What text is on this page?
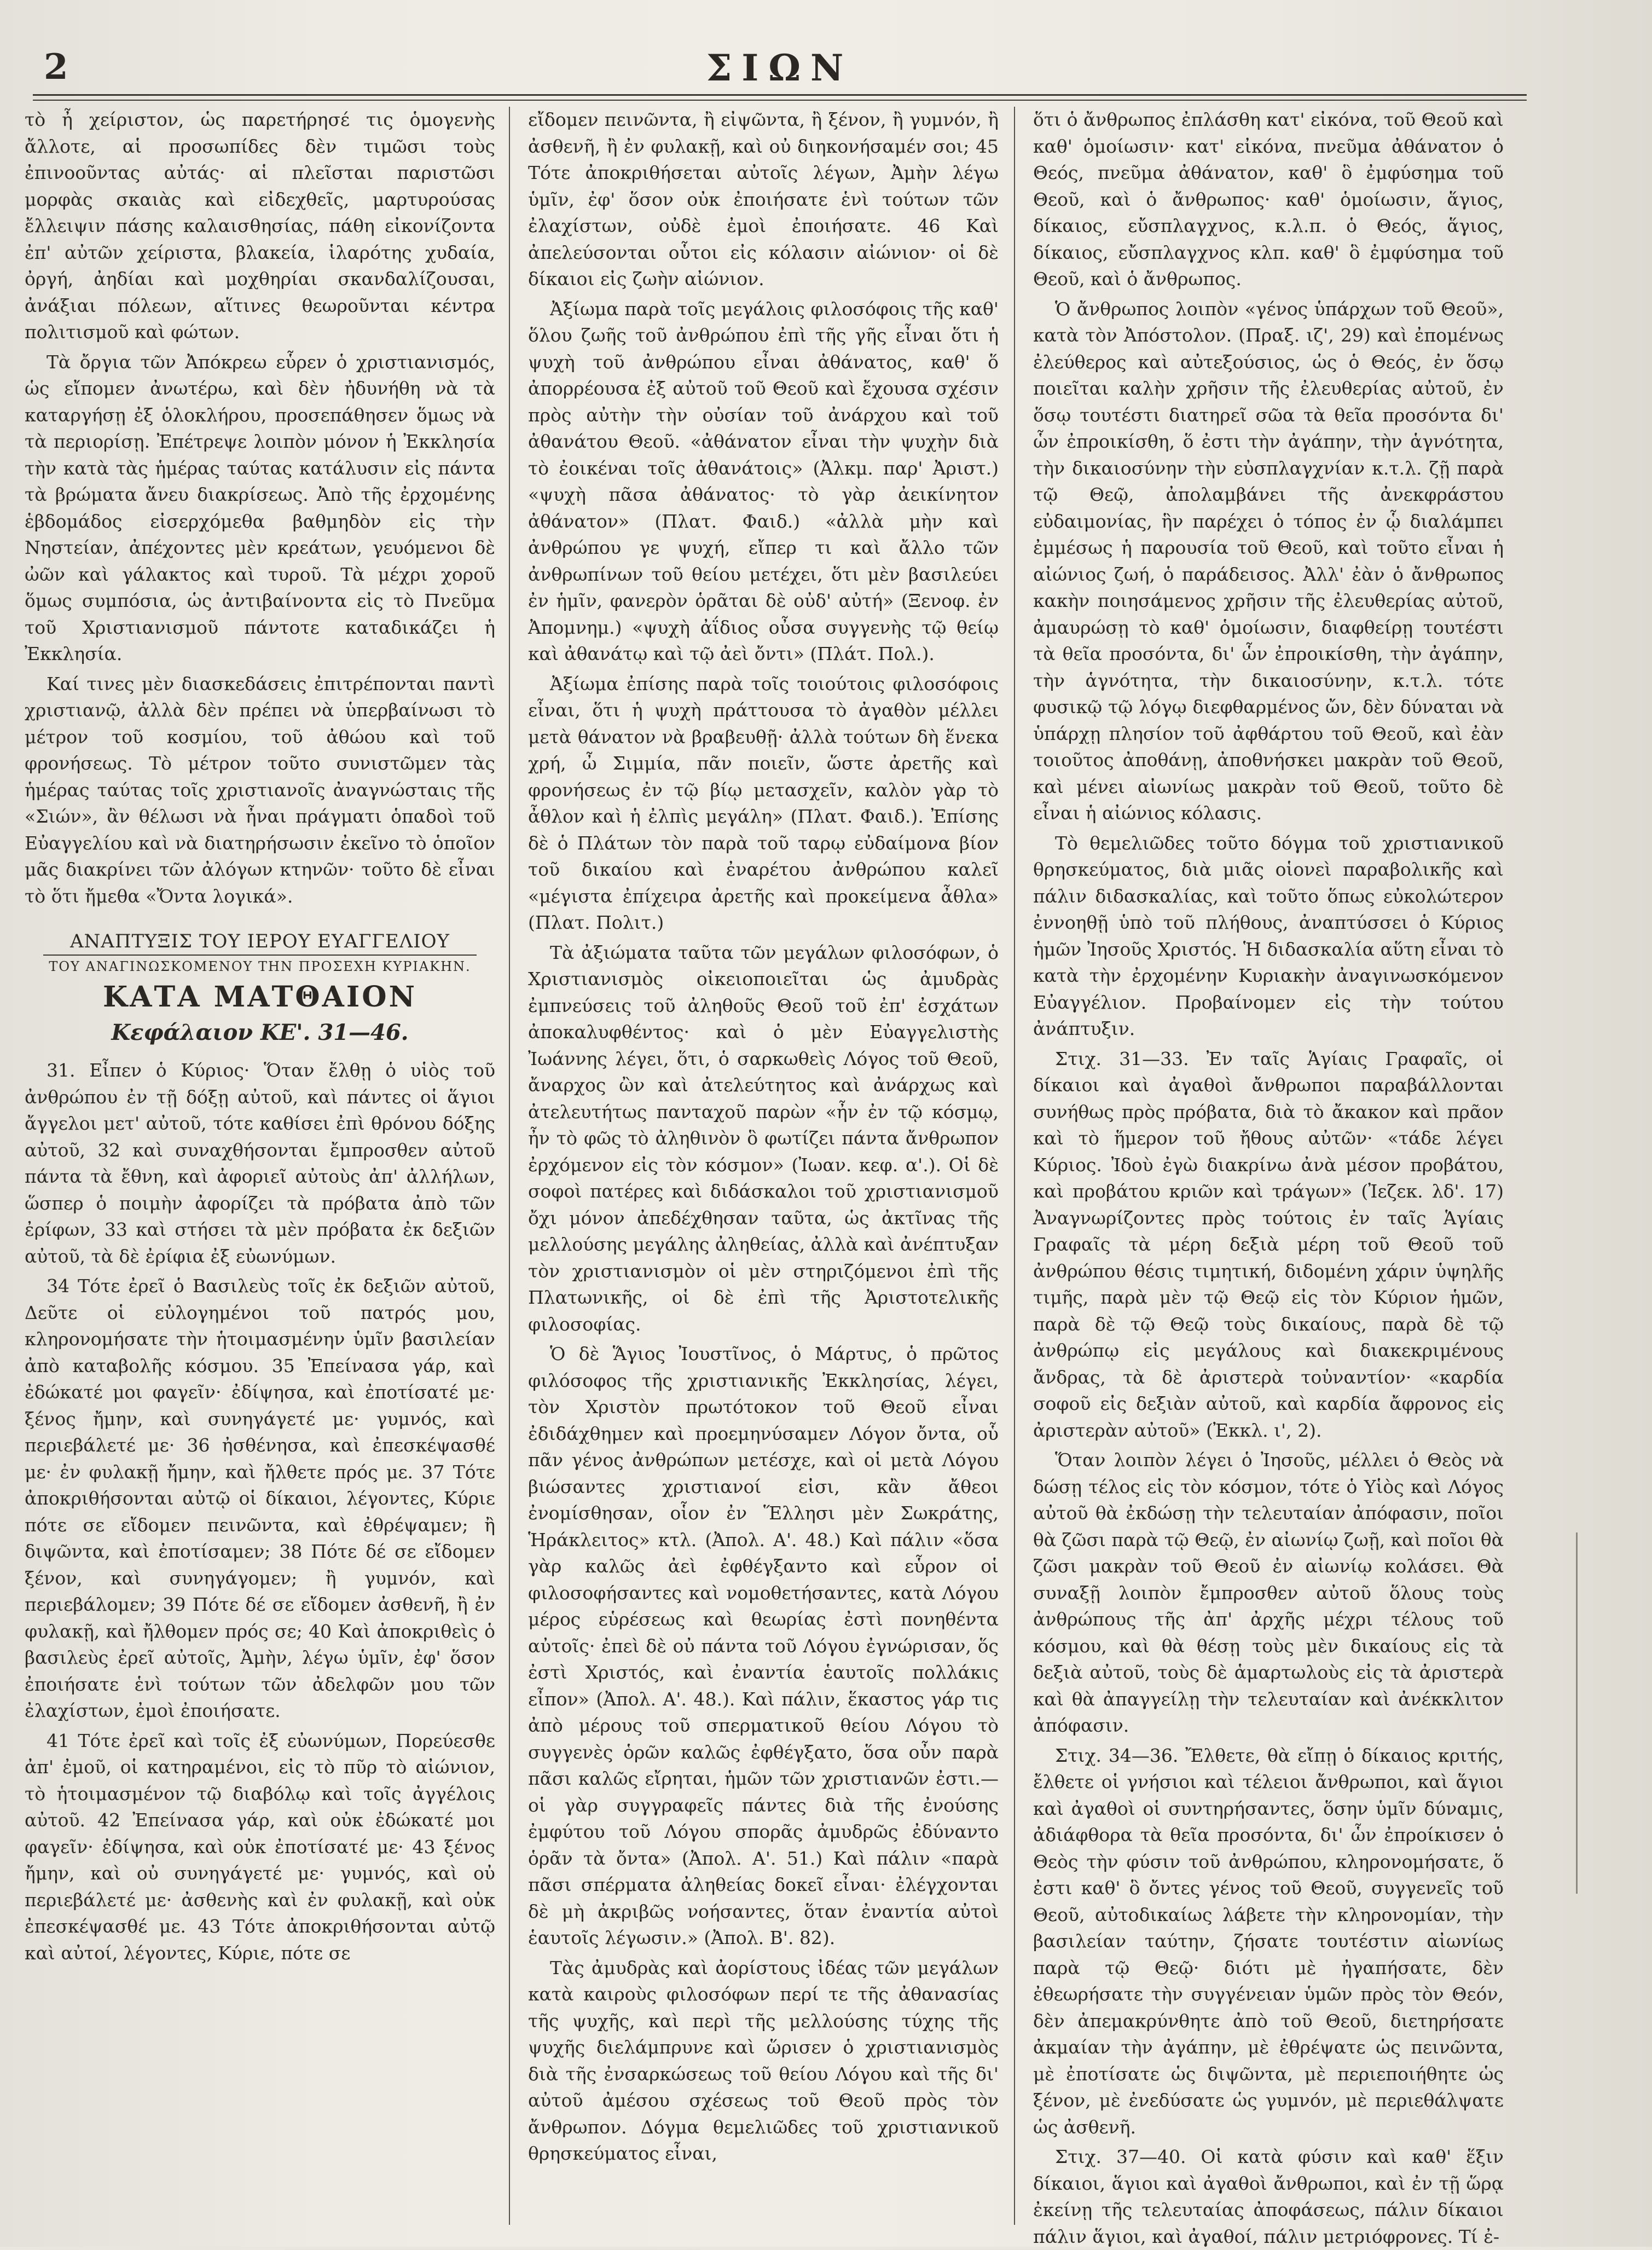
2	ΣΙΩΝ

τὸ ἦ χείριστον, ὡς παρετήρησέ τις ὁμογενὴς ἄλλοτε, αἱ προσωπίδες δὲν τιμῶσι τοὺς ἐπινοοῦντας αὐτάς· αἱ πλεῖσται παριστῶσι μορφὰς σκαιὰς καὶ εἰδεχθεῖς, μαρτυρούσας ἔλλειψιν πάσης καλαισθησίας, πάθη εἰκονίζοντα ἐπ' αὐτῶν χείριστα, βλακεία, ἱλαρότης χυδαία, ὀργή, ἀηδίαι καὶ μοχθηρίαι σκανδαλίζουσαι, ἀνάξιαι πόλεων, αἵτινες θεωροῦνται κέντρα πολιτισμοῦ καὶ φώτων.

Τὰ ὄργια τῶν Ἀπόκρεω εὗρεν ὁ χριστιανισμός, ὡς εἴπομεν ἀνωτέρω, καὶ δὲν ἠδυνήθη νὰ τὰ καταργήσῃ ἐξ ὁλοκλήρου, προσεπάθησεν ὅμως νὰ τὰ περιορίσῃ. Ἐπέτρεψε λοιπὸν μόνον ἡ Ἐκκλησία τὴν κατὰ τὰς ἡμέρας ταύτας κατάλυσιν εἰς πάντα τὰ βρώματα ἄνευ διακρίσεως. Ἀπὸ τῆς ἐρχομένης ἑβδομάδος εἰσερχόμεθα βαθμηδὸν εἰς τὴν Νηστείαν, ἀπέχοντες μὲν κρεάτων, γευόμενοι δὲ ὠῶν καὶ γάλακτος καὶ τυροῦ. Τὰ μέχρι χοροῦ ὅμως συμπόσια, ὡς ἀντιβαίνοντα εἰς τὸ Πνεῦμα τοῦ Χριστιανισμοῦ πάντοτε καταδικάζει ἡ Ἐκκλησία.

Καί τινες μὲν διασκεδάσεις ἐπιτρέπονται παντὶ χριστιανῷ, ἀλλὰ δὲν πρέπει νὰ ὑπερβαίνωσι τὸ μέτρον τοῦ κοσμίου, τοῦ ἀθώου καὶ τοῦ φρονήσεως. Τὸ μέτρον τοῦτο συνιστῶμεν τὰς ἡμέρας ταύτας τοῖς χριστιανοῖς ἀναγνώσταις τῆς «Σιών», ἂν θέλωσι νὰ ἦναι πράγματι ὁπαδοὶ τοῦ Εὐαγγελίου καὶ νὰ διατηρήσωσιν ἐκεῖνο τὸ ὁποῖον μᾶς διακρίνει τῶν ἀλόγων κτηνῶν· τοῦτο δὲ εἶναι τὸ ὅτι ἤμεθα «Ὄντα λογικά».

ΑΝΑΠΤΥΞΙΣ ΤΟΥ ΙΕΡΟΥ ΕΥΑΓΓΕΛΙΟΥ
ΤΟΥ ΑΝΑΓΙΝΩΣΚΟΜΕΝΟΥ ΤΗΝ ΠΡΟΣΕΧΗ ΚΥΡΙΑΚΗΝ.
ΚΑΤΑ ΜΑΤΘΑΙΟΝ
Κεφάλαιον ΚΕ'. 31—46.

31. Εἶπεν ὁ Κύριος· Ὅταν ἔλθῃ ὁ υἱὸς τοῦ ἀνθρώπου ἐν τῇ δόξῃ αὐτοῦ, καὶ πάντες οἱ ἅγιοι ἄγγελοι μετ' αὐτοῦ, τότε καθίσει ἐπὶ θρόνου δόξης αὐτοῦ, 32 καὶ συναχθήσονται ἔμπροσθεν αὐτοῦ πάντα τὰ ἔθνη, καὶ ἀφοριεῖ αὐτοὺς ἀπ' ἀλλήλων, ὥσπερ ὁ ποιμὴν ἀφορίζει τὰ πρόβατα ἀπὸ τῶν ἐρίφων, 33 καὶ στήσει τὰ μὲν πρόβατα ἐκ δεξιῶν αὐτοῦ, τὰ δὲ ἐρίφια ἐξ εὐωνύμων.

34 Τότε ἐρεῖ ὁ Βασιλεὺς τοῖς ἐκ δεξιῶν αὐτοῦ, Δεῦτε οἱ εὐλογημένοι τοῦ πατρός μου, κληρονομήσατε τὴν ἡτοιμασμένην ὑμῖν βασιλείαν ἀπὸ καταβολῆς κόσμου. 35 Ἐπείνασα γάρ, καὶ ἐδώκατέ μοι φαγεῖν· ἐδίψησα, καὶ ἐποτίσατέ με· ξένος ἤμην, καὶ συνηγάγετέ με· γυμνός, καὶ περιεβάλετέ με· 36 ἠσθένησα, καὶ ἐπεσκέψασθέ με· ἐν φυλακῇ ἤμην, καὶ ἤλθετε πρός με. 37 Τότε ἀποκριθήσονται αὐτῷ οἱ δίκαιοι, λέγοντες, Κύριε πότε σε εἴδομεν πεινῶντα, καὶ ἐθρέψαμεν; ἢ διψῶντα, καὶ ἐποτίσαμεν; 38 Πότε δέ σε εἴδομεν ξένον, καὶ συνηγάγομεν; ἢ γυμνόν, καὶ περιεβάλομεν; 39 Πότε δέ σε εἴδομεν ἀσθενῆ, ἢ ἐν φυλακῇ, καὶ ἤλθομεν πρός σε; 40 Καὶ ἀποκριθεὶς ὁ βασιλεὺς ἐρεῖ αὐτοῖς, Ἀμὴν, λέγω ὑμῖν, ἐφ' ὅσον ἐποιήσατε ἑνὶ τούτων τῶν ἀδελφῶν μου τῶν ἐλαχίστων, ἐμοὶ ἐποιήσατε.

41 Τότε ἐρεῖ καὶ τοῖς ἐξ εὐωνύμων, Πορεύεσθε ἀπ' ἐμοῦ, οἱ κατηραμένοι, εἰς τὸ πῦρ τὸ αἰώνιον, τὸ ἡτοιμασμένον τῷ διαβόλῳ καὶ τοῖς ἀγγέλοις αὐτοῦ. 42 Ἐπείνασα γάρ, καὶ οὐκ ἐδώκατέ μοι φαγεῖν· ἐδίψησα, καὶ οὐκ ἐποτίσατέ με· 43 ξένος ἤμην, καὶ οὐ συνηγάγετέ με· γυμνός, καὶ οὐ περιεβάλετέ με· ἀσθενὴς καὶ ἐν φυλακῇ, καὶ οὐκ ἐπεσκέψασθέ με. 43 Τότε ἀποκριθήσονται αὐτῷ καὶ αὐτοί, λέγοντες, Κύριε, πότε σε

εἴδομεν πεινῶντα, ἢ εἰψῶντα, ἢ ξένον, ἢ γυμνόν, ἢ ἀσθενῆ, ἢ ἐν φυλακῇ, καὶ οὐ διηκονήσαμέν σοι; 45 Τότε ἀποκριθήσεται αὐτοῖς λέγων, Ἀμὴν λέγω ὑμῖν, ἐφ' ὅσον οὐκ ἐποιήσατε ἑνὶ τούτων τῶν ἐλαχίστων, οὐδὲ ἐμοὶ ἐποιήσατε. 46 Καὶ ἀπελεύσονται οὗτοι εἰς κόλασιν αἰώνιον· οἱ δὲ δίκαιοι εἰς ζωὴν αἰώνιον.

Ἀξίωμα παρὰ τοῖς μεγάλοις φιλοσόφοις τῆς καθ' ὅλου ζωῆς τοῦ ἀνθρώπου ἐπὶ τῆς γῆς εἶναι ὅτι ἡ ψυχὴ τοῦ ἀνθρώπου εἶναι ἀθάνατος, καθ' ὅ ἀπορρέουσα ἐξ αὐτοῦ τοῦ Θεοῦ καὶ ἔχουσα σχέσιν πρὸς αὐτὴν τὴν οὐσίαν τοῦ ἀνάρχου καὶ τοῦ ἀθανάτου Θεοῦ. «ἀθάνατον εἶναι τὴν ψυχὴν διὰ τὸ ἐοικέναι τοῖς ἀθανάτοις» (Ἀλκμ. παρ' Ἀριστ.) «ψυχὴ πᾶσα ἀθάνατος· τὸ γὰρ ἀεικίνητον ἀθάνατον» (Πλατ. Φαιδ.) «ἀλλὰ μὴν καὶ ἀνθρώπου γε ψυχή, εἴπερ τι καὶ ἄλλο τῶν ἀνθρωπίνων τοῦ θείου μετέχει, ὅτι μὲν βασιλεύει ἐν ἡμῖν, φανερὸν ὁρᾶται δὲ οὐδ' αὐτή» (Ξενοφ. ἐν Ἀπομνημ.) «ψυχὴ ἀΐδιος οὖσα συγγενὴς τῷ θείῳ καὶ ἀθανάτῳ καὶ τῷ ἀεὶ ὄντι» (Πλάτ. Πολ.).

Ἀξίωμα ἐπίσης παρὰ τοῖς τοιούτοις φιλοσόφοις εἶναι, ὅτι ἡ ψυχὴ πράττουσα τὸ ἀγαθὸν μέλλει μετὰ θάνατον νὰ βραβευθῇ· ἀλλὰ τούτων δὴ ἕνεκα χρή, ὦ Σιμμία, πᾶν ποιεῖν, ὥστε ἀρετῆς καὶ φρονήσεως ἐν τῷ βίῳ μετασχεῖν, καλὸν γὰρ τὸ ἆθλον καὶ ἡ ἐλπὶς μεγάλη» (Πλατ. Φαιδ.). Ἐπίσης δὲ ὁ Πλάτων τὸν παρὰ τοῦ ταρῳ εὐδαίμονα βίον τοῦ δικαίου καὶ ἐναρέτου ἀνθρώπου καλεῖ «μέγιστα ἐπίχειρα ἀρετῆς καὶ προκείμενα ἆθλα» (Πλατ. Πολιτ.)

Τὰ ἀξιώματα ταῦτα τῶν μεγάλων φιλοσόφων, ὁ Χριστιανισμὸς οἰκειοποιεῖται ὡς ἀμυδρὰς ἐμπνεύσεις τοῦ ἀληθοῦς Θεοῦ τοῦ ἐπ' ἐσχάτων ἀποκαλυφθέντος· καὶ ὁ μὲν Εὐαγγελιστὴς Ἰωάννης λέγει, ὅτι, ὁ σαρκωθεὶς Λόγος τοῦ Θεοῦ, ἄναρχος ὢν καὶ ἀτελεύτητος καὶ ἀνάρχως καὶ ἀτελευτήτως πανταχοῦ παρὼν «ἦν ἐν τῷ κόσμῳ, ἦν τὸ φῶς τὸ ἀληθινὸν ὃ φωτίζει πάντα ἄνθρωπον ἐρχόμενον εἰς τὸν κόσμον» (Ἰωαν. κεφ. α'.). Οἱ δὲ σοφοὶ πατέρες καὶ διδάσκαλοι τοῦ χριστιανισμοῦ ὄχι μόνον ἀπεδέχθησαν ταῦτα, ὡς ἀκτῖνας τῆς μελλούσης μεγάλης ἀληθείας, ἀλλὰ καὶ ἀνέπτυξαν τὸν χριστιανισμὸν οἱ μὲν στηριζόμενοι ἐπὶ τῆς Πλατωνικῆς, οἱ δὲ ἐπὶ τῆς Ἀριστοτελικῆς φιλοσοφίας.

Ὁ δὲ Ἅγιος Ἰουστῖνος, ὁ Μάρτυς, ὁ πρῶτος φιλόσοφος τῆς χριστιανικῆς Ἐκκλησίας, λέγει, τὸν Χριστὸν πρωτότοκον τοῦ Θεοῦ εἶναι ἐδιδάχθημεν καὶ προεμηνύσαμεν Λόγον ὄντα, οὗ πᾶν γένος ἀνθρώπων μετέσχε, καὶ οἱ μετὰ Λόγου βιώσαντες χριστιανοί εἰσι, κἂν ἄθεοι ἐνομίσθησαν, οἷον ἐν Ἕλλησι μὲν Σωκράτης, Ἡράκλειτος» κτλ. (Ἀπολ. Α'. 48.) Καὶ πάλιν «ὅσα γὰρ καλῶς ἀεὶ ἐφθέγξαντο καὶ εὗρον οἱ φιλοσοφήσαντες καὶ νομοθετήσαντες, κατὰ Λόγου μέρος εὑρέσεως καὶ θεωρίας ἐστὶ πονηθέντα αὐτοῖς· ἐπεὶ δὲ οὐ πάντα τοῦ Λόγου ἐγνώρισαν, ὅς ἐστὶ Χριστός, καὶ ἐναντία ἑαυτοῖς πολλάκις εἶπον» (Ἀπολ. Α'. 48.). Καὶ πάλιν, ἕκαστος γάρ τις ἀπὸ μέρους τοῦ σπερματικοῦ θείου Λόγου τὸ συγγενὲς ὁρῶν καλῶς ἐφθέγξατο, ὅσα οὖν παρὰ πᾶσι καλῶς εἴρηται, ἡμῶν τῶν χριστιανῶν ἐστι.— οἱ γὰρ συγγραφεῖς πάντες διὰ τῆς ἐνούσης ἐμφύτου τοῦ Λόγου σπορᾶς ἀμυδρῶς ἐδύναντο ὁρᾶν τὰ ὄντα» (Ἀπολ. Α'. 51.) Καὶ πάλιν «παρὰ πᾶσι σπέρματα ἀληθείας δοκεῖ εἶναι· ἐλέγχονται δὲ μὴ ἀκριβῶς νοήσαντες, ὅταν ἐναντία αὐτοὶ ἑαυτοῖς λέγωσιν.» (Ἀπολ. Β'. 82).

Τὰς ἀμυδρὰς καὶ ἀορίστους ἰδέας τῶν μεγάλων κατὰ καιροὺς φιλοσόφων περί τε τῆς ἀθανασίας τῆς ψυχῆς, καὶ περὶ τῆς μελλούσης τύχης τῆς ψυχῆς διελάμπρυνε καὶ ὥρισεν ὁ χριστιανισμὸς διὰ τῆς ἐνσαρκώσεως τοῦ θείου Λόγου καὶ τῆς δι' αὐτοῦ ἀμέσου σχέσεως τοῦ Θεοῦ πρὸς τὸν ἄνθρωπον. Δόγμα θεμελιῶδες τοῦ χριστιανικοῦ θρησκεύματος εἶναι,

ὅτι ὁ ἄνθρωπος ἐπλάσθη κατ' εἰκόνα, τοῦ Θεοῦ καὶ καθ' ὁμοίωσιν· κατ' εἰκόνα, πνεῦμα ἀθάνατον ὁ Θεός, πνεῦμα ἀθάνατον, καθ' ὃ ἐμφύσημα τοῦ Θεοῦ, καὶ ὁ ἄνθρωπος· καθ' ὁμοίωσιν, ἅγιος, δίκαιος, εὔσπλαγχνος, κ.λ.π. ὁ Θεός, ἅγιος, δίκαιος, εὔσπλαγχνος κλπ. καθ' ὃ ἐμφύσημα τοῦ Θεοῦ, καὶ ὁ ἄνθρωπος.

Ὁ ἄνθρωπος λοιπὸν «γένος ὑπάρχων τοῦ Θεοῦ», κατὰ τὸν Ἀπόστολον. (Πραξ. ιζ', 29) καὶ ἐπομένως ἐλεύθερος καὶ αὐτεξούσιος, ὡς ὁ Θεός, ἐν ὅσῳ ποιεῖται καλὴν χρῆσιν τῆς ἐλευθερίας αὐτοῦ, ἐν ὅσῳ τουτέστι διατηρεῖ σῶα τὰ θεῖα προσόντα δι' ὧν ἐπροικίσθη, ὅ ἐστι τὴν ἀγάπην, τὴν ἁγνότητα, τὴν δικαιοσύνην τὴν εὐσπλαγχνίαν κ.τ.λ. ζῇ παρὰ τῷ Θεῷ, ἀπολαμβάνει τῆς ἀνεκφράστου εὐδαιμονίας, ἣν παρέχει ὁ τόπος ἐν ᾧ διαλάμπει ἐμμέσως ἡ παρουσία τοῦ Θεοῦ, καὶ τοῦτο εἶναι ἡ αἰώνιος ζωή, ὁ παράδεισος. Ἀλλ' ἐὰν ὁ ἄνθρωπος κακὴν ποιησάμενος χρῆσιν τῆς ἐλευθερίας αὐτοῦ, ἀμαυρώσῃ τὸ καθ' ὁμοίωσιν, διαφθείρῃ τουτέστι τὰ θεῖα προσόντα, δι' ὧν ἐπροικίσθη, τὴν ἀγάπην, τὴν ἁγνότητα, τὴν δικαιοσύνην, κ.τ.λ. τότε φυσικῷ τῷ λόγῳ διεφθαρμένος ὤν, δὲν δύναται νὰ ὑπάρχῃ πλησίον τοῦ ἀφθάρτου τοῦ Θεοῦ, καὶ ἐὰν τοιοῦτος ἀποθάνῃ, ἀποθνήσκει μακρὰν τοῦ Θεοῦ, καὶ μένει αἰωνίως μακρὰν τοῦ Θεοῦ, τοῦτο δὲ εἶναι ἡ αἰώνιος κόλασις.

Τὸ θεμελιῶδες τοῦτο δόγμα τοῦ χριστιανικοῦ θρησκεύματος, διὰ μιᾶς οἱονεὶ παραβολικῆς καὶ πάλιν διδασκαλίας, καὶ τοῦτο ὅπως εὐκολώτερον ἐννοηθῇ ὑπὸ τοῦ πλήθους, ἀναπτύσσει ὁ Κύριος ἡμῶν Ἰησοῦς Χριστός. Ἡ διδασκαλία αὕτη εἶναι τὸ κατὰ τὴν ἐρχομένην Κυριακὴν ἀναγινωσκόμενον Εὐαγγέλιον. Προβαίνομεν εἰς τὴν τούτου ἀνάπτυξιν.

Στιχ. 31—33. Ἐν ταῖς Ἁγίαις Γραφαῖς, οἱ δίκαιοι καὶ ἀγαθοὶ ἄνθρωποι παραβάλλονται συνήθως πρὸς πρόβατα, διὰ τὸ ἄκακον καὶ πρᾶον καὶ τὸ ἥμερον τοῦ ἤθους αὐτῶν· «τάδε λέγει Κύριος. Ἰδοὺ ἐγὼ διακρίνω ἀνὰ μέσον προβάτου, καὶ προβάτου κριῶν καὶ τράγων» (Ἰεζεκ. λδ'. 17) Ἀναγνωρίζοντες πρὸς τούτοις ἐν ταῖς Ἁγίαις Γραφαῖς τὰ μέρη δεξιὰ μέρη τοῦ Θεοῦ τοῦ ἀνθρώπου θέσις τιμητική, διδομένη χάριν ὑψηλῆς τιμῆς, παρὰ μὲν τῷ Θεῷ εἰς τὸν Κύριον ἡμῶν, παρὰ δὲ τῷ Θεῷ τοὺς δικαίους, παρὰ δὲ τῷ ἀνθρώπῳ εἰς μεγάλους καὶ διακεκριμένους ἄνδρας, τὰ δὲ ἀριστερὰ τοὐναντίον· «καρδία σοφοῦ εἰς δεξιὰν αὐτοῦ, καὶ καρδία ἄφρονος εἰς ἀριστερὰν αὐτοῦ» (Ἐκκλ. ι', 2).

Ὅταν λοιπὸν λέγει ὁ Ἰησοῦς, μέλλει ὁ Θεὸς νὰ δώσῃ τέλος εἰς τὸν κόσμον, τότε ὁ Υἱὸς καὶ Λόγος αὐτοῦ θὰ ἐκδώσῃ τὴν τελευταίαν ἀπόφασιν, ποῖοι θὰ ζῶσι παρὰ τῷ Θεῷ, ἐν αἰωνίῳ ζωῇ, καὶ ποῖοι θὰ ζῶσι μακρὰν τοῦ Θεοῦ ἐν αἰωνίῳ κολάσει. Θὰ συναξῇ λοιπὸν ἔμπροσθεν αὐτοῦ ὅλους τοὺς ἀνθρώπους τῆς ἀπ' ἀρχῆς μέχρι τέλους τοῦ κόσμου, καὶ θὰ θέσῃ τοὺς μὲν δικαίους εἰς τὰ δεξιὰ αὐτοῦ, τοὺς δὲ ἁμαρτωλοὺς εἰς τὰ ἀριστερὰ καὶ θὰ ἀπαγγείλῃ τὴν τελευταίαν καὶ ἀνέκκλιτον ἀπόφασιν.

Στιχ. 34—36. Ἔλθετε, θὰ εἴπῃ ὁ δίκαιος κριτής, ἔλθετε οἱ γνήσιοι καὶ τέλειοι ἄνθρωποι, καὶ ἅγιοι καὶ ἀγαθοὶ οἱ συντηρήσαντες, ὅσην ὑμῖν δύναμις, ἀδιάφθορα τὰ θεῖα προσόντα, δι' ὧν ἐπροίκισεν ὁ Θεὸς τὴν φύσιν τοῦ ἀνθρώπου, κληρονομήσατε, ὅ ἐστι καθ' ὃ ὄντες γένος τοῦ Θεοῦ, συγγενεῖς τοῦ Θεοῦ, αὐτοδικαίως λάβετε τὴν κληρονομίαν, τὴν βασιλείαν ταύτην, ζήσατε τουτέστιν αἰωνίως παρὰ τῷ Θεῷ· διότι μὲ ἠγαπήσατε, δὲν ἐθεωρήσατε τὴν συγγένειαν ὑμῶν πρὸς τὸν Θεόν, δὲν ἀπεμακρύνθητε ἀπὸ τοῦ Θεοῦ, διετηρήσατε ἀκμαίαν τὴν ἀγάπην, μὲ ἐθρέψατε ὡς πεινῶντα, μὲ ἐποτίσατε ὡς διψῶντα, μὲ περιεποιήθητε ὡς ξένον, μὲ ἐνεδύσατε ὡς γυμνόν, μὲ περιεθάλψατε ὡς ἀσθενῆ.

Στιχ. 37—40. Οἱ κατὰ φύσιν καὶ καθ' ἕξιν δίκαιοι, ἅγιοι καὶ ἀγαθοὶ ἄνθρωποι, καὶ ἐν τῇ ὥρᾳ ἐκείνῃ τῆς τελευταίας ἀποφάσεως, πάλιν δίκαιοι πάλιν ἅγιοι, καὶ ἀγαθοί, πάλιν μετριόφρονες. Τί ἐ-
